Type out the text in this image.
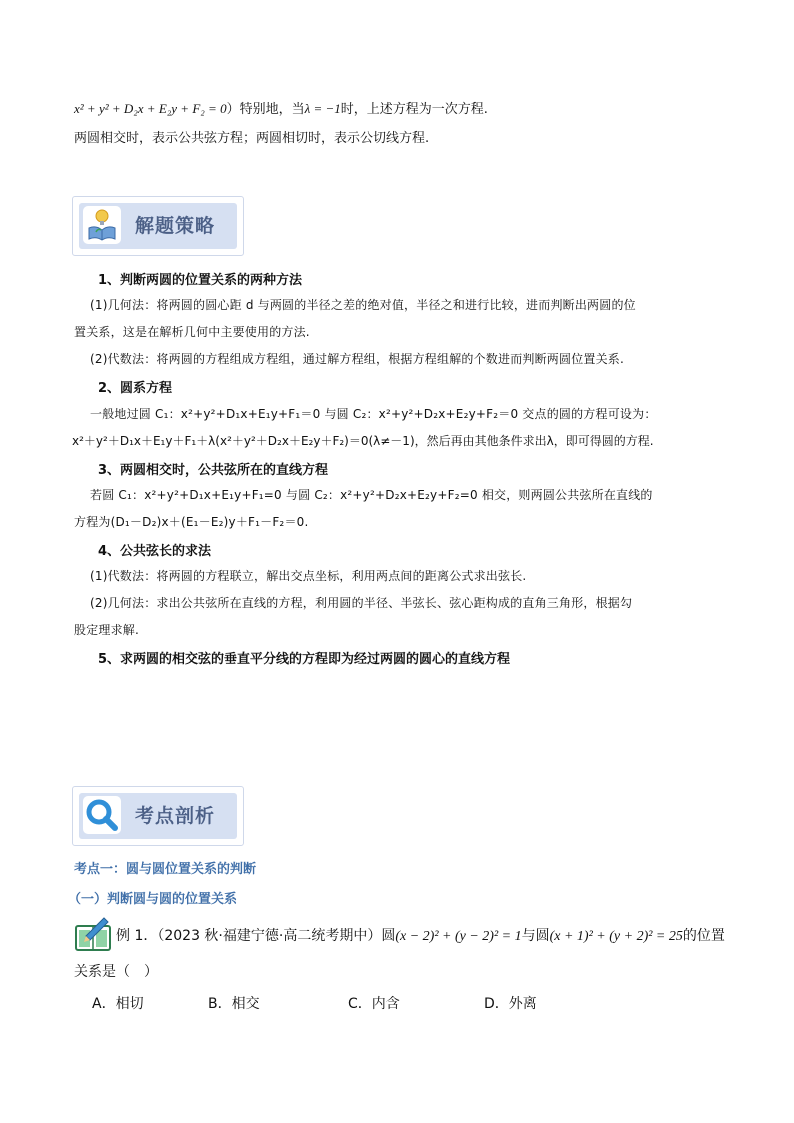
x² + y² + D₂x + E₂y + F₂ = 0）特别地，当λ = −1时，上述方程为一次方程.
两圆相交时，表示公共弦方程；两圆相切时，表示公切线方程.
解题策略
1、判断两圆的位置关系的两种方法
(1)几何法：将两圆的圆心距 d 与两圆的半径之差的绝对值，半径之和进行比较，进而判断出两圆的位
置关系，这是在解析几何中主要使用的方法.
(2)代数法：将两圆的方程组成方程组，通过解方程组，根据方程组解的个数进而判断两圆位置关系.
2、圆系方程
一般地过圆 C₁：x²+y²+D₁x+E₁y+F₁＝0 与圆 C₂：x²+y²+D₂x+E₂y+F₂＝0 交点的圆的方程可设为：
x²＋y²＋D₁x＋E₁y＋F₁＋λ(x²＋y²＋D₂x＋E₂y＋F₂)＝0(λ≠－1)，然后再由其他条件求出λ，即可得圆的方程.
3、两圆相交时，公共弦所在的直线方程
若圆 C₁：x²+y²+D₁x+E₁y+F₁=0 与圆 C₂：x²+y²+D₂x+E₂y+F₂=0 相交，则两圆公共弦所在直线的
方程为(D₁－D₂)x＋(E₁－E₂)y＋F₁－F₂＝0.
4、公共弦长的求法
(1)代数法：将两圆的方程联立，解出交点坐标，利用两点间的距离公式求出弦长.
(2)几何法：求出公共弦所在直线的方程，利用圆的半径、半弦长、弦心距构成的直角三角形，根据勾
股定理求解.
5、求两圆的相交弦的垂直平分线的方程即为经过两圆的圆心的直线方程
考点剖析
考点一：圆与圆位置关系的判断
（一）判断圆与圆的位置关系
例 1．（2023 秋·福建宁德·高二统考期中）圆(x − 2)² + (y − 2)² = 1与圆(x + 1)² + (y + 2)² = 25的位置
关系是（　）
A．相切	B．相交	C．内含	D．外离
